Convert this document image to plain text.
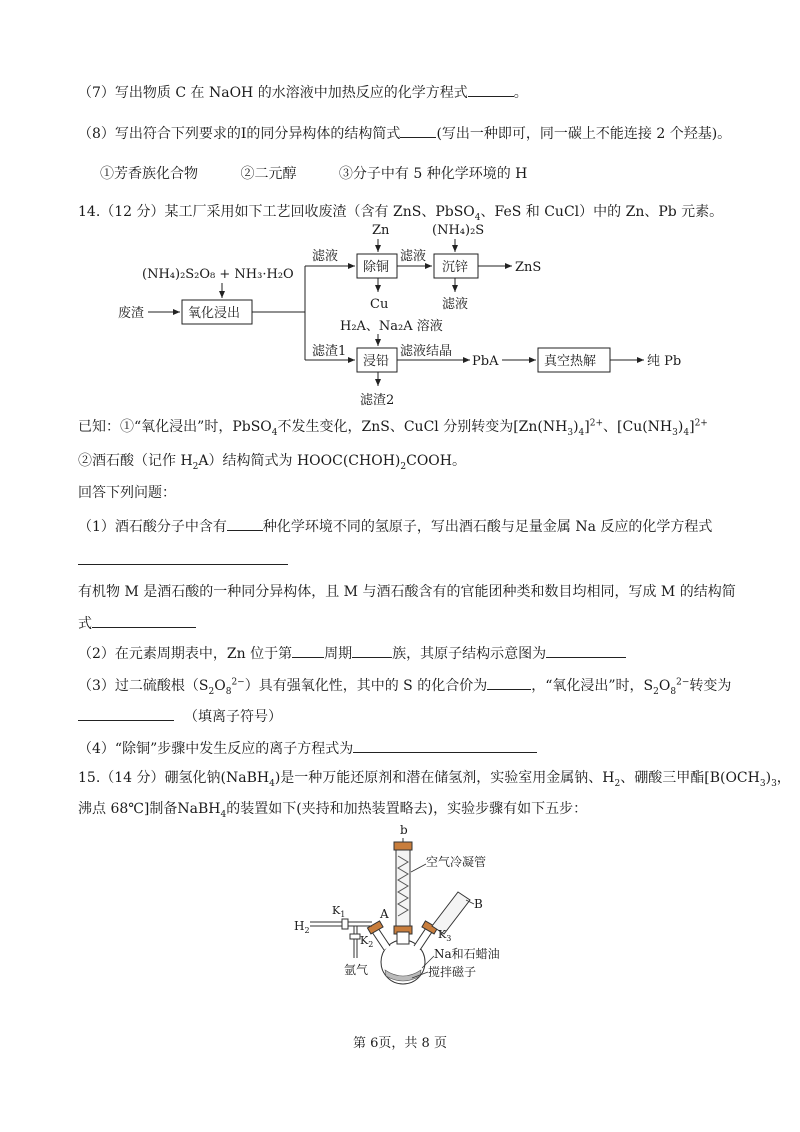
（7）写出物质 C 在 NaOH 的水溶液中加热反应的化学方程式	。
（8）写出符合下列要求的Ⅰ的同分异构体的结构简式	(写出一种即可，同一碳上不能连接 2 个羟基)。
①芳香族化合物	②二元醇	③分子中有 5 种化学环境的 H
14.（12 分）某工厂采用如下工艺回收废渣（含有 ZnS、PbSO$_4$、FeS 和 CuCl）中的 Zn、Pb 元素。
(NH₄)₂S₂O₈ + NH₃·H₂O
废渣	氧化浸出
滤液
滤渣1
Zn
除铜
Cu
滤液
(NH₄)₂S
沉锌	ZnS
滤液
H₂A、Na₂A 溶液
浸铅
滤渣2
滤液结晶
PbA	真空热解	纯 Pb
已知：①“氧化浸出”时，PbSO$_4$不发生变化，ZnS、CuCl 分别转变为$[Zn(NH_3)_4]^{2+}$、$[Cu(NH_3)_4]^{2+}$
②酒石酸（记作 $H_2A$）结构简式为 $HOOC(CHOH)_2COOH$。
回答下列问题：
（1）酒石酸分子中含有	种化学环境不同的氢原子，写出酒石酸与足量金属 Na 反应的化学方程式
有机物 M 是酒石酸的一种同分异构体，且 M 与酒石酸含有的官能团种类和数目均相同，写成 M 的结构简
式
（2）在元素周期表中，Zn 位于第 周期	族，其原子结构示意图为
（3）过二硫酸根$(S_2O_8^{2-})$具有强氧化性，其中的 S 的化合价为	，“氧化浸出”时，$S_2O_8^{2-}$转变为
（填离子符号）
（4）“除铜”步骤中发生反应的离子方程式为
15.（14 分）硼氢化钠(NaBH$_4$)是一种万能还原剂和潜在储氢剂，实验室用金属钠、$H_2$、硼酸三甲酯[$B(OCH_3)_3$，
沸点 68℃]制备NaBH$_4$的装置如下(夹持和加热装置略去)，实验步骤有如下五步：
b
空气冷凝管
B
$K_3$
A
$H_2$
$K_1$
$K_2$
氩气
Na和石蜡油
搅拌磁子
第 6页，共 8 页
